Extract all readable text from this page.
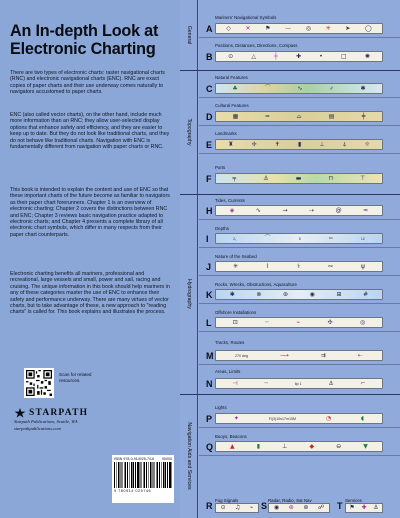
An In-depth Look at Electronic Charting
There are two types of electronic charts: raster navigational charts (RNC) and electronic navigational charts (ENC). RNC are exact copies of paper charts and their use underway comes naturally to navigators accustomed to paper charts.
ENC (also called vector charts), on the other hand, include much more information than an RNC; they allow user-selected display options that enhance safety and efficiency, and they are easier to keep up to date. But they do not look like traditional charts, and they do not behave like traditional charts. Navigation with ENC is fundamentally different from navigation with paper charts or RNC.
This book is intended to explain the content and use of ENC so that these important charts of the future become as familiar to navigators as their paper chart forerunners. Chapter 1 is an overview of electronic charting; Chapter 2 covers the distinctions between RNC and ENC; Chapter 3 reviews basic navigation practice adapted to electronic charts; and Chapter 4 presents a complete library of all electronic chart symbols, which differ in many respects from their paper chart counterparts.
Electronic charting benefits all mariners, professional and recreational, large vessels and small, power and sail, racing and cruising. The unique information in this book should help mariners in any of these categories master the use of ENC to enhance their safety and performance underway. There are many virtues of vector charts, but to take advantage of these, a new approach to "reading charts" is called for. This book explains and illustrates the process.
Scan for related resources.
STARPATH
Starpath Publications, Seattle, WA
starpathpublications.com
ISBN 978-0-914025-74-6 90000
9 780914 025746
General
Topography
Hydrography
Navigation Aids and Services
Mariners' Navigational Symbols
A ◇ ✕ ⚑ — ◎ ✳ ➤ ◯
Positions, Distances, Directions, Compass
B	⊙	△	┼	✚	•	□	✺
Natural Features
C	♣	⌒	∿	⸙	✱
Cultural Features
D	▦	═	⌓	▤	╪
Landmarks
E	♜	✢	✝	▮	⊥	⍋	☼
Ports
F	╤	⚓	▬	⊓	⊤
Tides, Currents
H	◈	∿	→	⇢	@	≈
Depths
I	2₁	⌒	5	┅	12
Nature of the Seabed
J	✳	⌇	⚕	∾	ψ
Rocks, Wrecks, Obstructions, Aquaculture
K	✱	⊗	⊛	◉	⊞	#
Offshore Installations
L	⊡	┈	⌁	✣	◎
Tracks, Routes
M	270 deg	⟶	⇉	⇠
Areas, Limits
N	⊣	┄	6p 1	⚓	⌐
Lights
P	✦	Fl(3)10s17m15M	◔	◖
Buoys, Beacons
Q	▲	▮	⊥	◆	⊖	▼
Fog Signals
R ⊙ ♫ ⌁
Radar, Radio, Sat Nav
S ◉ ⊚ ⊛ ☍
Services
T ⚑ ✚ ⚓
